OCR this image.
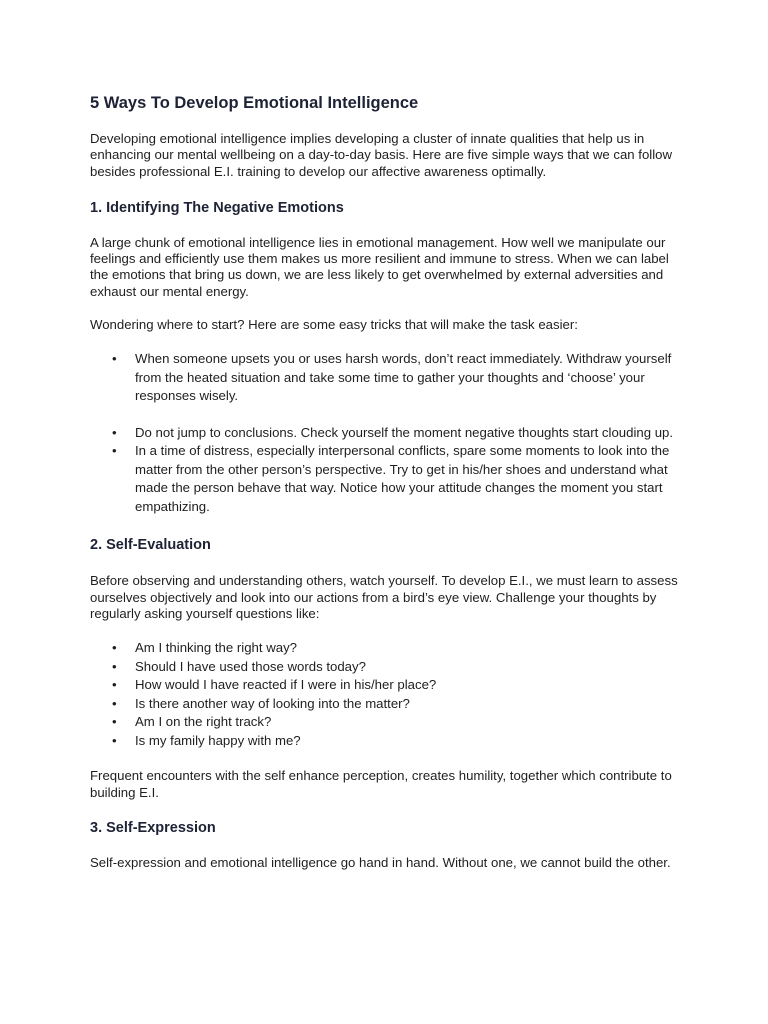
5 Ways To Develop Emotional Intelligence

Developing emotional intelligence implies developing a cluster of innate qualities that help us in enhancing our mental wellbeing on a day-to-day basis. Here are five simple ways that we can follow besides professional E.I. training to develop our affective awareness optimally.

1. Identifying The Negative Emotions

A large chunk of emotional intelligence lies in emotional management. How well we manipulate our feelings and efficiently use them makes us more resilient and immune to stress. When we can label the emotions that bring us down, we are less likely to get overwhelmed by external adversities and exhaust our mental energy.

Wondering where to start? Here are some easy tricks that will make the task easier:

• When someone upsets you or uses harsh words, don’t react immediately. Withdraw yourself from the heated situation and take some time to gather your thoughts and ‘choose’ your responses wisely.
• Do not jump to conclusions. Check yourself the moment negative thoughts start clouding up.
• In a time of distress, especially interpersonal conflicts, spare some moments to look into the matter from the other person’s perspective. Try to get in his/her shoes and understand what made the person behave that way. Notice how your attitude changes the moment you start empathizing.
2. Self-Evaluation

Before observing and understanding others, watch yourself. To develop E.I., we must learn to assess ourselves objectively and look into our actions from a bird’s eye view. Challenge your thoughts by regularly asking yourself questions like:

• Am I thinking the right way?
• Should I have used those words today?
• How would I have reacted if I were in his/her place?
• Is there another way of looking into the matter?
• Am I on the right track?
• Is my family happy with me?

Frequent encounters with the self enhance perception, creates humility, together which contribute to building E.I.

3. Self-Expression

Self-expression and emotional intelligence go hand in hand. Without one, we cannot build the other.
